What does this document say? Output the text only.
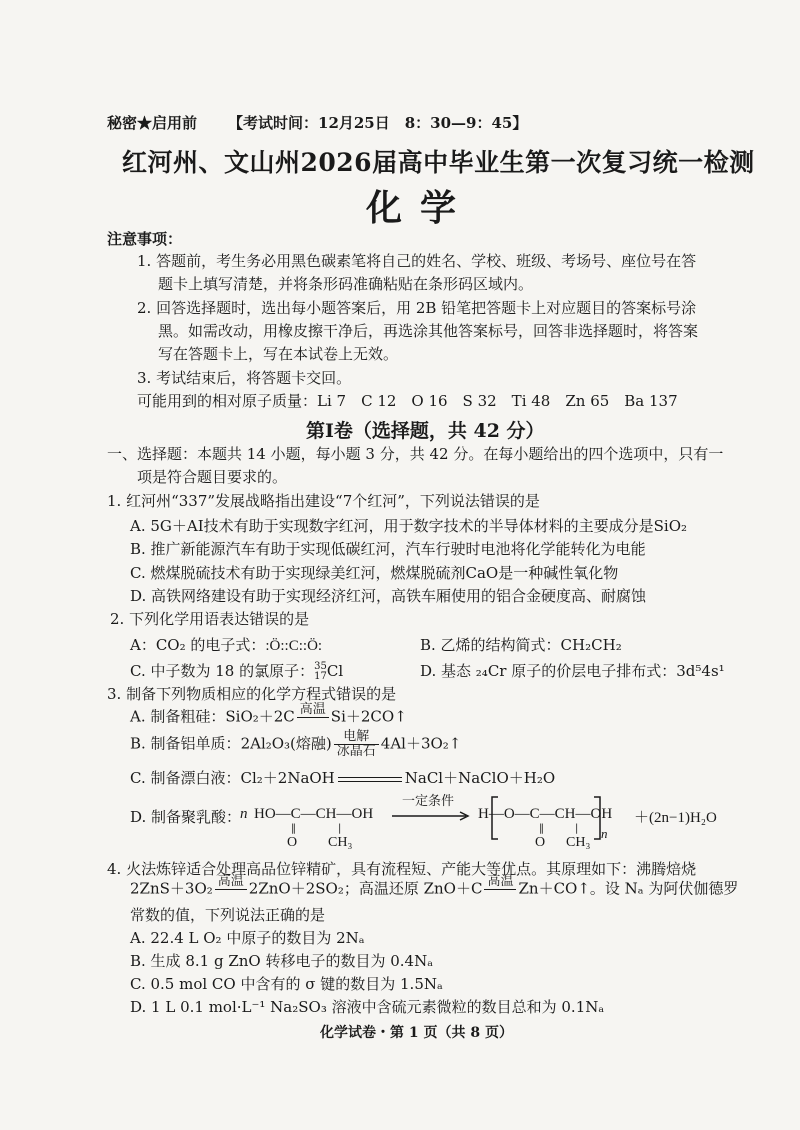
秘密★启用前 【考试时间：12月25日　8：30—9：45】
红河州、文山州2026届高中毕业生第一次复习统一检测
化学
注意事项：
1. 答题前，考生务必用黑色碳素笔将自己的姓名、学校、班级、考场号、座位号在答
题卡上填写清楚，并将条形码准确粘贴在条形码区域内。
2. 回答选择题时，选出每小题答案后，用 2B 铅笔把答题卡上对应题目的答案标号涂
黑。如需改动，用橡皮擦干净后，再选涂其他答案标号，回答非选择题时，将答案
写在答题卡上，写在本试卷上无效。
3. 考试结束后，将答题卡交回。
可能用到的相对原子质量：Li 7　C 12　O 16　S 32　Ti 48　Zn 65　Ba 137
第Ⅰ卷（选择题，共 42 分）
一、选择题：本题共 14 小题，每小题 3 分，共 42 分。在每小题给出的四个选项中，只有一
项是符合题目要求的。
1. 红河州“337”发展战略指出建设“7个红河”，下列说法错误的是
A. 5G＋AI技术有助于实现数字红河，用于数字技术的半导体材料的主要成分是SiO₂
B. 推广新能源汽车有助于实现低碳红河，汽车行驶时电池将化学能转化为电能
C. 燃煤脱硫技术有助于实现绿美红河，燃煤脱硫剂CaO是一种碱性氧化物
D. 高铁网络建设有助于实现经济红河，高铁车厢使用的铝合金硬度高、耐腐蚀
2. 下列化学用语表达错误的是
A：CO₂ 的电子式：:Ö::C::Ö:	B. 乙烯的结构简式：CH₂CH₂
C. 中子数为 18 的氯原子： 35
17 Cl	D. 基态 ₂₄Cr 原子的价层电子排布式：3d⁵4s¹
3. 制备下列物质相应的化学方程式错误的是
A. 制备粗硅：SiO₂＋2C 高温 Si＋2CO↑
B. 制备铝单质：2Al₂O₃(熔融) 电解
冰晶石 4Al＋3O₂↑
C. 制备漂白液：Cl₂＋2NaOH	NaCl＋NaClO＋H₂O
D. 制备聚乳酸：
n HO—C—CH—OH
‖
O
|
CH₃
一定条件
H—O—C—CH—OH
‖
O
|
CH₃
n
＋(2n−1)H₂O
4. 火法炼锌适合处理高品位锌精矿，具有流程短、产能大等优点。其原理如下：沸腾焙烧
2ZnS＋3O₂ 高温 2ZnO＋2SO₂；高温还原 ZnO＋C 高温 Zn＋CO↑。设 Nₐ 为阿伏伽德罗
常数的值，下列说法正确的是
A. 22.4 L O₂ 中原子的数目为 2Nₐ
B. 生成 8.1 g ZnO 转移电子的数目为 0.4Nₐ
C. 0.5 mol CO 中含有的 σ 键的数目为 1.5Nₐ
D. 1 L 0.1 mol·L⁻¹ Na₂SO₃ 溶液中含硫元素微粒的数目总和为 0.1Nₐ
化学试卷・第 1 页（共 8 页）
